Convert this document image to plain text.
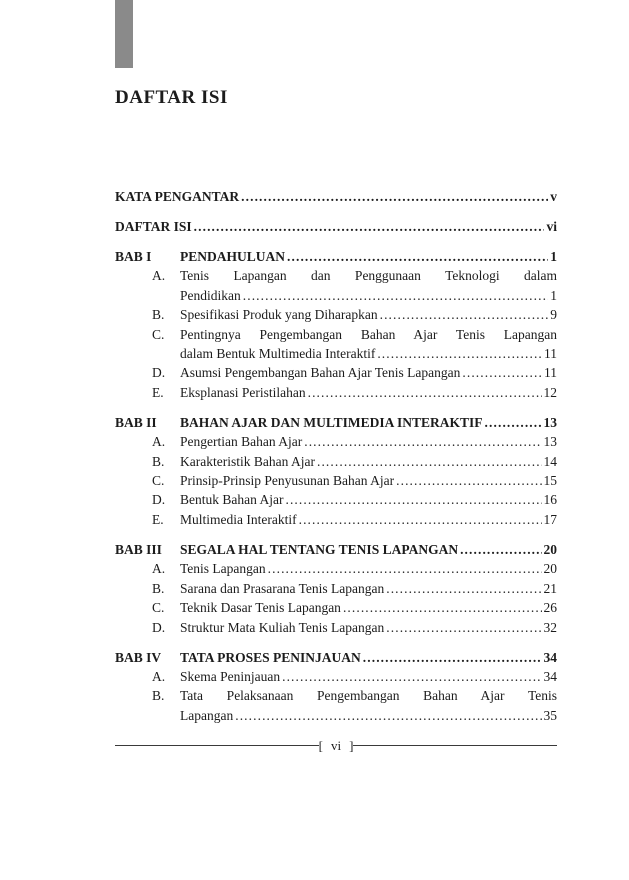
DAFTAR ISI
KATA PENGANTAR .....	v
DAFTAR ISI .....	vi
BAB I	PENDAHULUAN .....	1
A.	Tenis Lapangan dan Penggunaan Teknologi dalam
Pendidikan .....	1
B.	Spesifikasi Produk yang Diharapkan .....	9
C.	Pentingnya Pengembangan Bahan Ajar Tenis Lapangan
dalam Bentuk Multimedia Interaktif .....	11
D.	Asumsi Pengembangan Bahan Ajar Tenis Lapangan .....	11
E.	Eksplanasi Peristilahan .....	12
BAB II	BAHAN AJAR DAN MULTIMEDIA INTERAKTIF .....	13
A.	Pengertian Bahan Ajar .....	13
B.	Karakteristik Bahan Ajar .....	14
C.	Prinsip-Prinsip Penyusunan Bahan Ajar .....	15
D.	Bentuk Bahan Ajar .....	16
E.	Multimedia Interaktif .....	17
BAB III	SEGALA HAL TENTANG TENIS LAPANGAN .....	20
A.	Tenis Lapangan .....	20
B.	Sarana dan Prasarana Tenis Lapangan .....	21
C.	Teknik Dasar Tenis Lapangan .....	26
D.	Struktur Mata Kuliah Tenis Lapangan .....	32
BAB IV	TATA PROSES PENINJAUAN .....	34
A.	Skema Peninjauan .....	34
B.	Tata Pelaksanaan Pengembangan Bahan Ajar Tenis
Lapangan .....	35
[ vi ]
